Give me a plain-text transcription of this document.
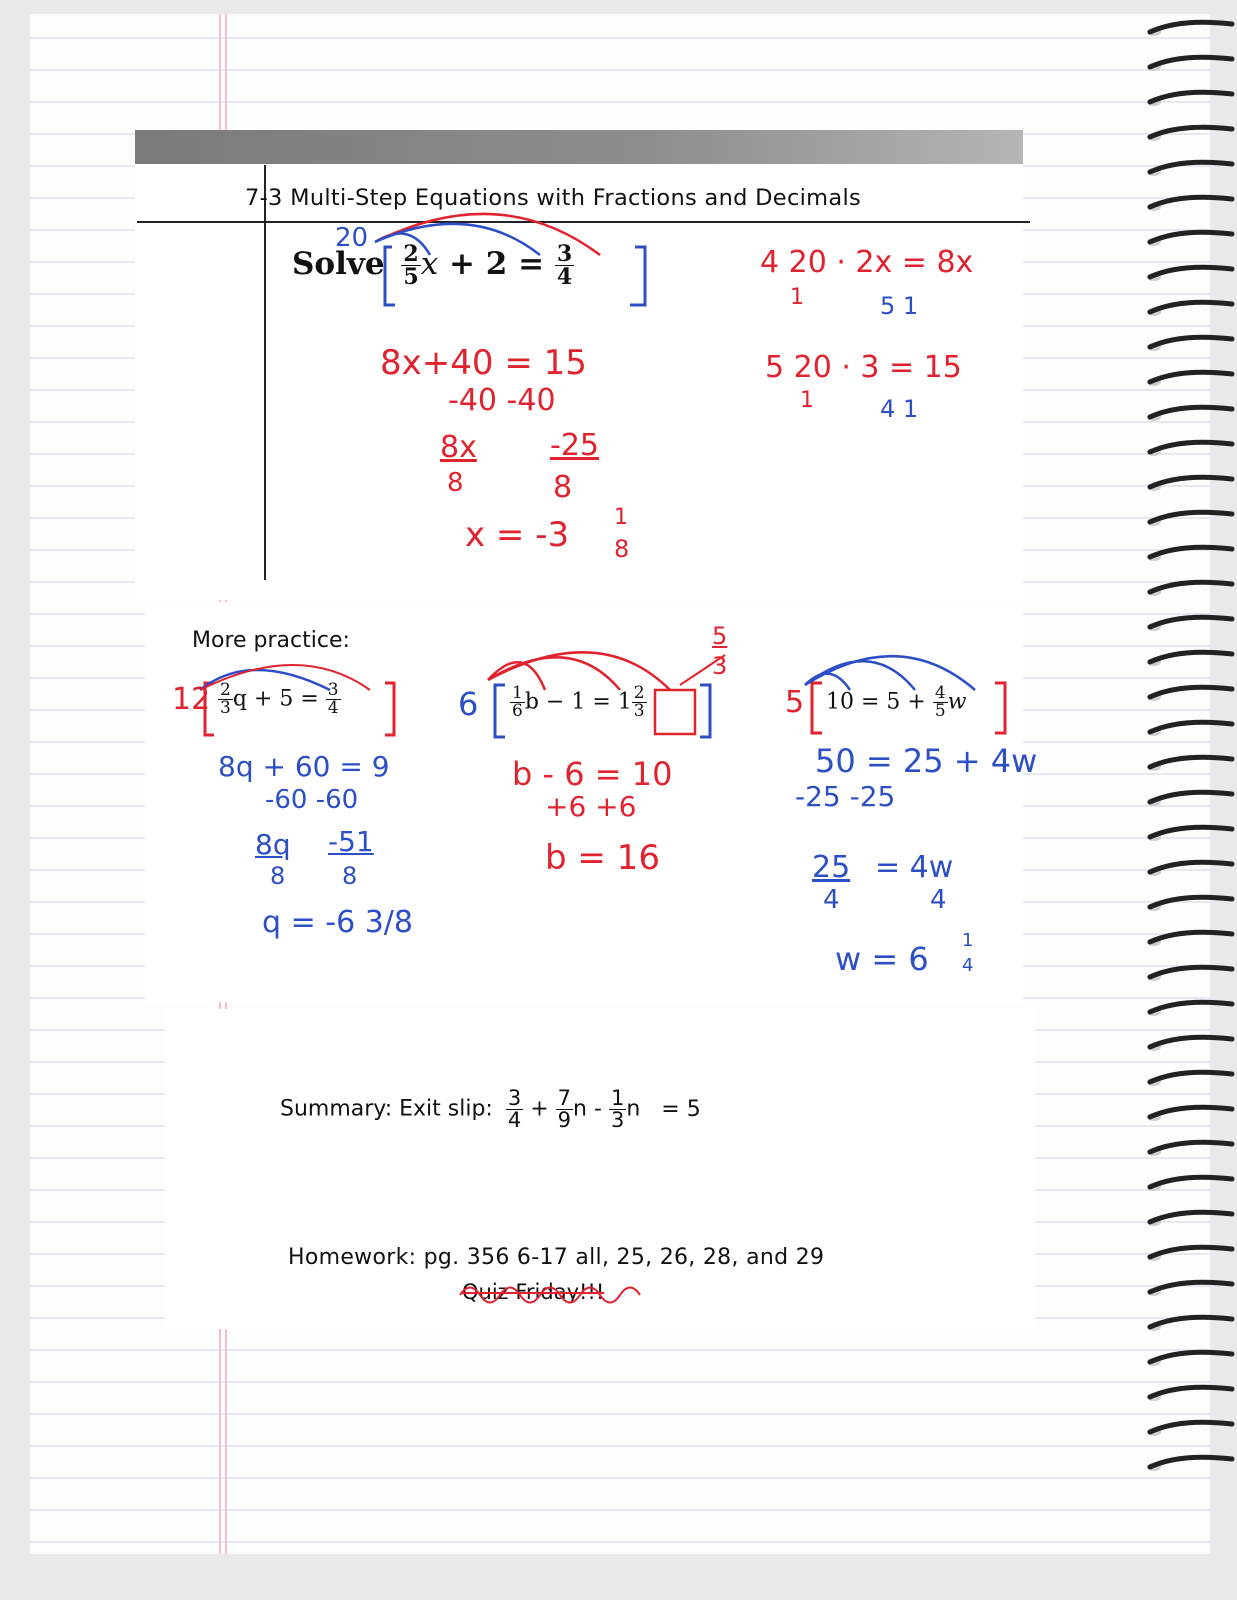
7-3 Multi-Step Equations with Fractions and Decimals
Solve $\frac{2}{5}$ $x + 2 = \frac{3}{4}$
20
8x+40 = 15
-40 -40
8x -25
8	8
x = -3 1
8
4 20 · 2x = 8x
1	5 1
5 20 · 3 = 15
1	4 1
More practice:
$12 \frac{2}{3}$ $q + 5 = \frac{3}{4}$
8q + 60 = 9
-60 -60
8q -51
8 8
q = -6 3/8
$6 \frac{1}{6}$ $b - 1 = 1 \frac{2}{3}$
5
3
b - 6 = 10
+6 +6
b = 16
5 $10 = 5 + \frac{4}{5}$ w
50 = 25 + 4w
-25 -25
25
4
= 4w
4
w = 6 1
4
Summary: Exit slip: $\frac{3}{4} + \frac{7}{9}$ n - $\frac{1}{3}$ n = 5
Homework: pg. 356 6-17 all, 25, 26, 28, and 29
Quiz Friday!!!
